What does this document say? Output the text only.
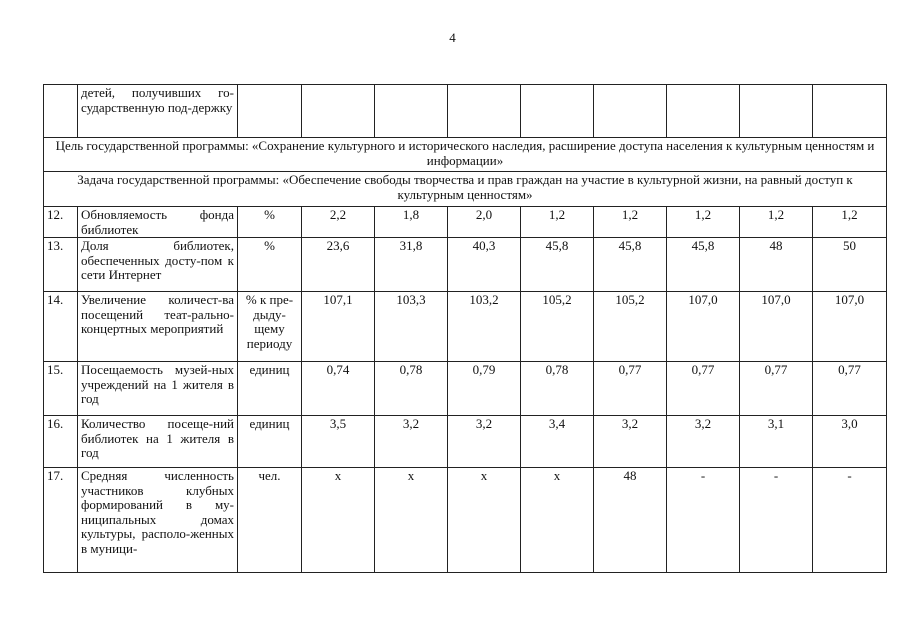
4
	детей, получивших го-сударственную под-держку									
Цель государственной программы: «Сохранение культурного и исторического наследия, расширение доступа населения к культурным ценностям и информации»										
Задача государственной программы: «Обеспечение свободы творчества и прав граждан на участие в культурной жизни, на равный доступ к культурным ценностям»										
12.	Обновляемость фонда библиотек	%	2,2	1,8	2,0	1,2	1,2	1,2	1,2	1,2
13.	Доля библиотек, обеспеченных досту-пом к сети Интернет	%	23,6	31,8	40,3	45,8	45,8	45,8	48	50
14.	Увеличение количест-ва посещений теат-рально-концертных мероприятий	% к пре-дыду-щему периоду	107,1	103,3	103,2	105,2	105,2	107,0	107,0	107,0
15.	Посещаемость музей-ных учреждений на 1 жителя в год	единиц	0,74	0,78	0,79	0,78	0,77	0,77	0,77	0,77
16.	Количество посеще-ний библиотек на 1 жителя в год	единиц	3,5	3,2	3,2	3,4	3,2	3,2	3,1	3,0
17.	Средняя численность участников клубных формирований в му-ниципальных домах культуры, располо-женных в муници-	чел.	х	х	х	х	48	-	-	-
